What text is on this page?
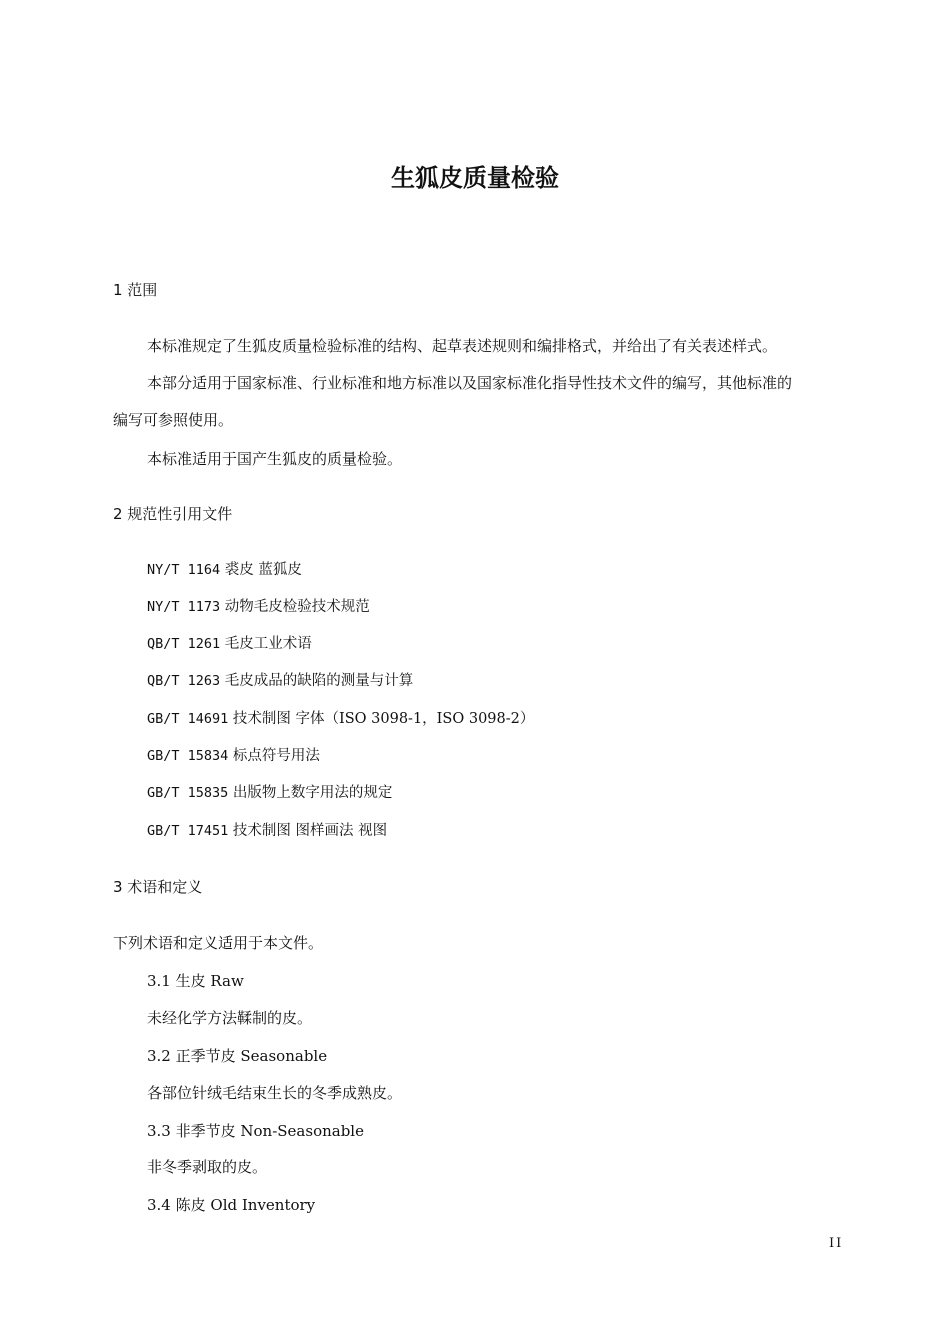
生狐皮质量检验
1 范围
本标准规定了生狐皮质量检验标准的结构、起草表述规则和编排格式，并给出了有关表述样式。
本部分适用于国家标准、行业标准和地方标准以及国家标准化指导性技术文件的编写，其他标准的
编写可参照使用。
本标准适用于国产生狐皮的质量检验。
2 规范性引用文件
NY/T 1164 裘皮 蓝狐皮
NY/T 1173 动物毛皮检验技术规范
QB/T 1261 毛皮工业术语
QB/T 1263 毛皮成品的缺陷的测量与计算
GB/T 14691 技术制图 字体（ISO 3098-1，ISO 3098-2）
GB/T 15834 标点符号用法
GB/T 15835 出版物上数字用法的规定
GB/T 17451 技术制图 图样画法 视图
3 术语和定义
下列术语和定义适用于本文件。
3.1 生皮 Raw
未经化学方法鞣制的皮。
3.2 正季节皮 Seasonable
各部位针绒毛结束生长的冬季成熟皮。
3.3 非季节皮 Non-Seasonable
非冬季剥取的皮。
3.4 陈皮 Old Inventory
II
